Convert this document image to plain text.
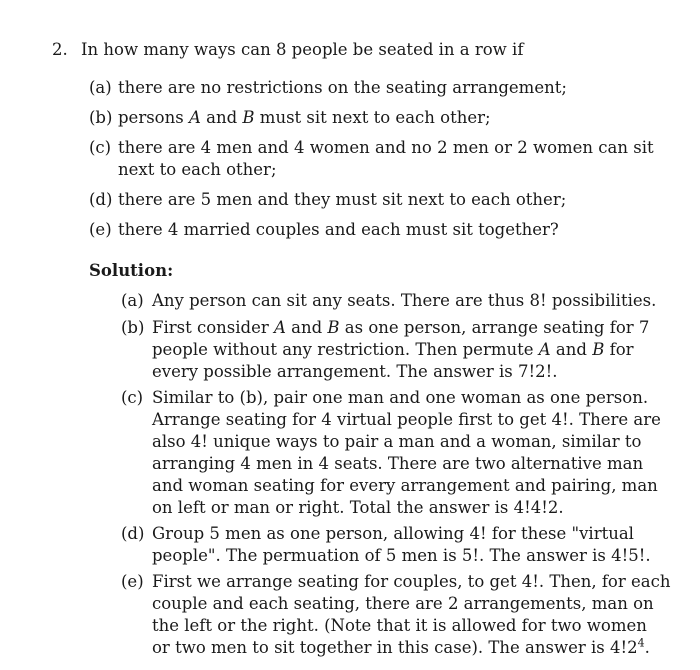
2. In how many ways can 8 people be seated in a row if
(a) there are no restrictions on the seating arrangement;
(b) persons A and B must sit next to each other;
(c) there are 4 men and 4 women and no 2 men or 2 women can sit
next to each other;
(d) there are 5 men and they must sit next to each other;
(e) there 4 married couples and each must sit together?
Solution:
(a) Any person can sit any seats. There are thus 8! possibilities.
(b) First consider A and B as one person, arrange seating for 7
people without any restriction. Then permute A and B for
every possible arrangement. The answer is 7!2!.
(c) Similar to (b), pair one man and one woman as one person.
Arrange seating for 4 virtual people first to get 4!. There are
also 4! unique ways to pair a man and a woman, similar to
arranging 4 men in 4 seats. There are two alternative man
and woman seating for every arrangement and pairing, man
on left or man or right. Total the answer is 4!4!2.
(d) Group 5 men as one person, allowing 4! for these "virtual
people". The permuation of 5 men is 5!. The answer is 4!5!.
(e) First we arrange seating for couples, to get 4!. Then, for each
couple and each seating, there are 2 arrangements, man on
the left or the right. (Note that it is allowed for two women
or two men to sit together in this case). The answer is $4!2^4$.
